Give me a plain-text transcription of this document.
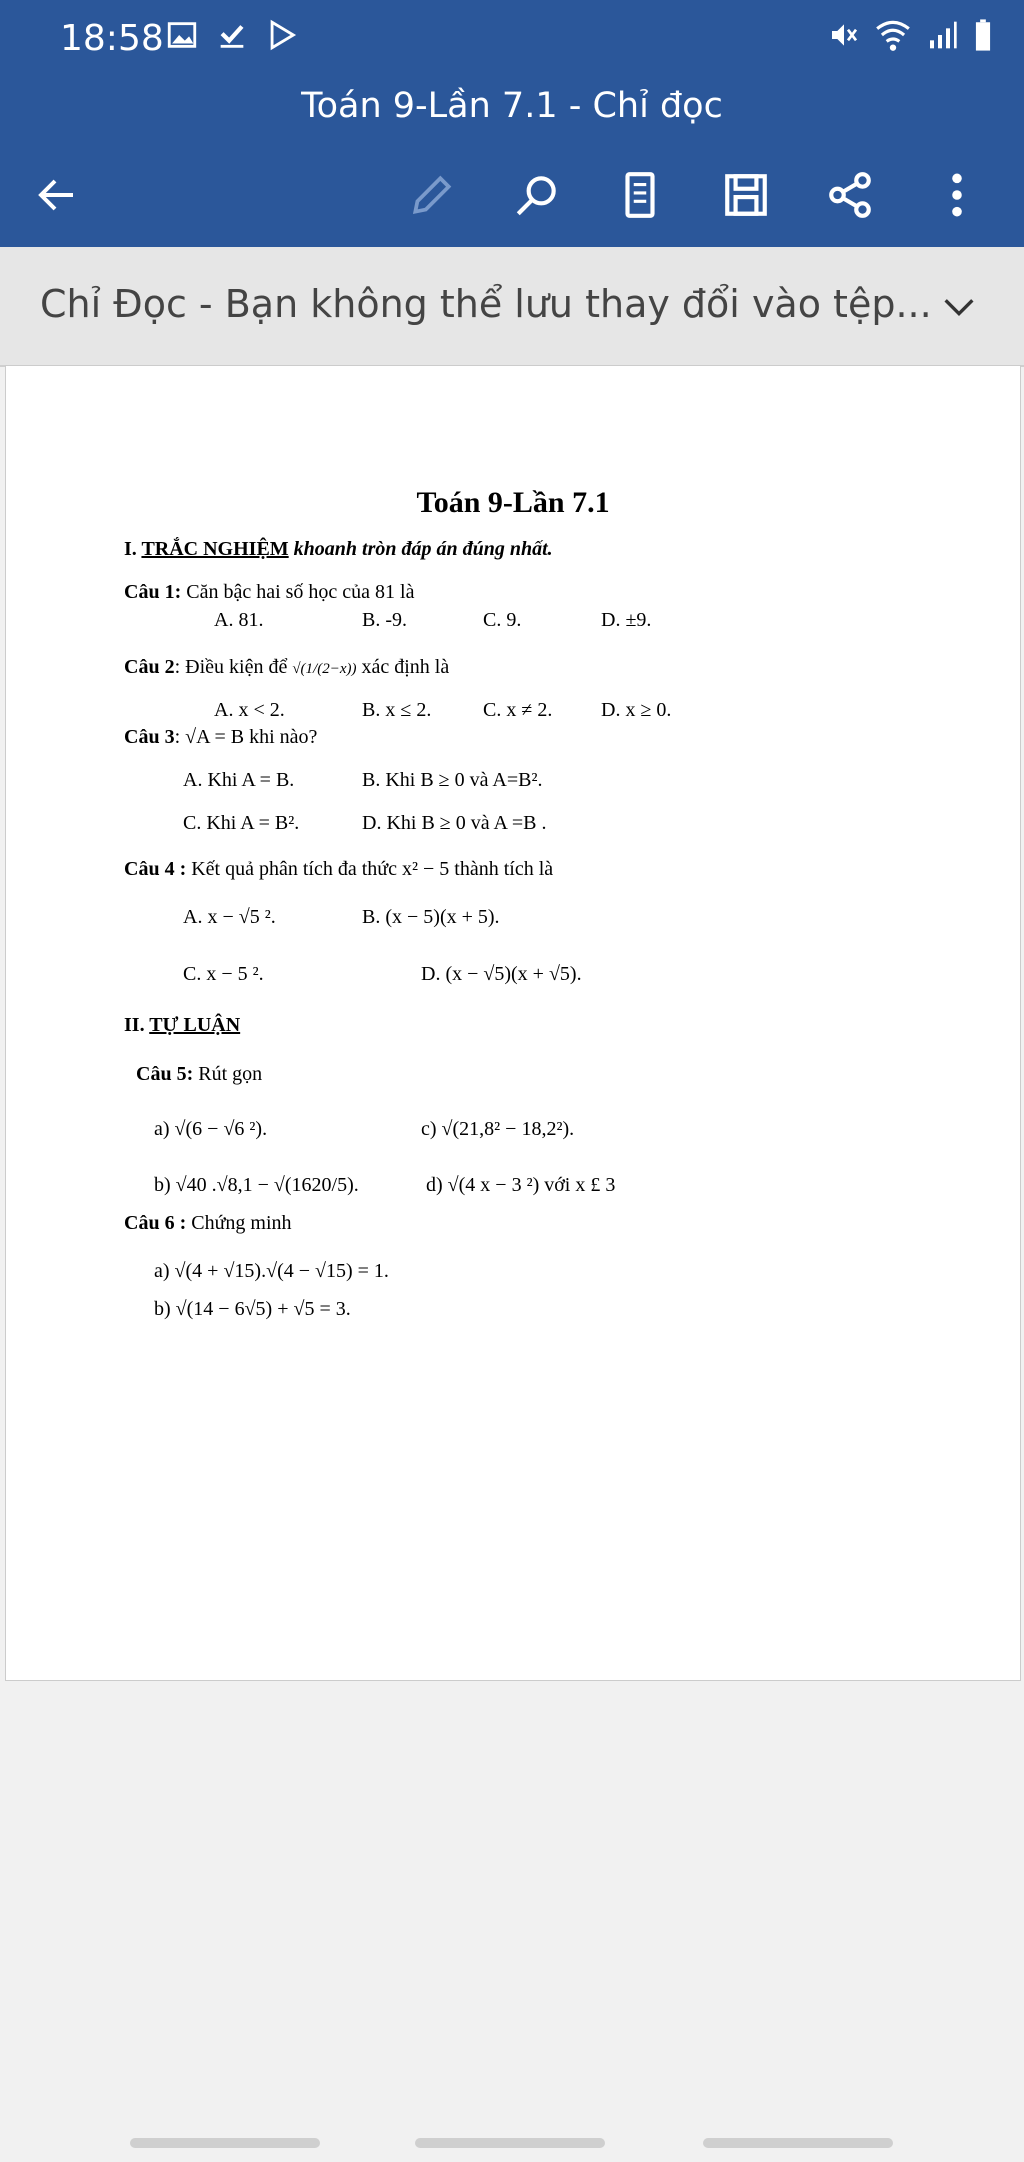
18:58
Toán 9-Lần 7.1 - Chỉ đọc
Chỉ Đọc - Bạn không thể lưu thay đổi vào tệp...
Toán 9-Lần 7.1
I. TRẮC NGHIỆM khoanh tròn đáp án đúng nhất.
Câu 1: Căn bậc hai số học của 81 là
A. 81.	B. -9.	C. 9.	D. ±9.
Câu 2: Điều kiện để √(1/(2−x)) xác định là
A. x < 2.	B. x ≤ 2.	C. x ≠ 2. D. x ≥ 0.
Câu 3: √A = B khi nào?
A. Khi A = B.	B. Khi B ≥ 0 và A=B².
C. Khi A = B².	D. Khi B ≥ 0 và A =B .
Câu 4 : Kết quả phân tích đa thức x² − 5 thành tích là
A. x − √5 ².	B. (x − 5)(x + 5).
C. x − 5 ².	D. (x − √5)(x + √5).
II. TỰ LUẬN
Câu 5: Rút gọn
a) √(6 − √6 ²).	c) √(21,8² − 18,2²).
b) √40 .√8,1 − √(1620/5).	d) √(4 x − 3 ²) với x £ 3
Câu 6 : Chứng minh
a) √(4 + √15).√(4 − √15) = 1.
b) √(14 − 6√5) + √5 = 3.
